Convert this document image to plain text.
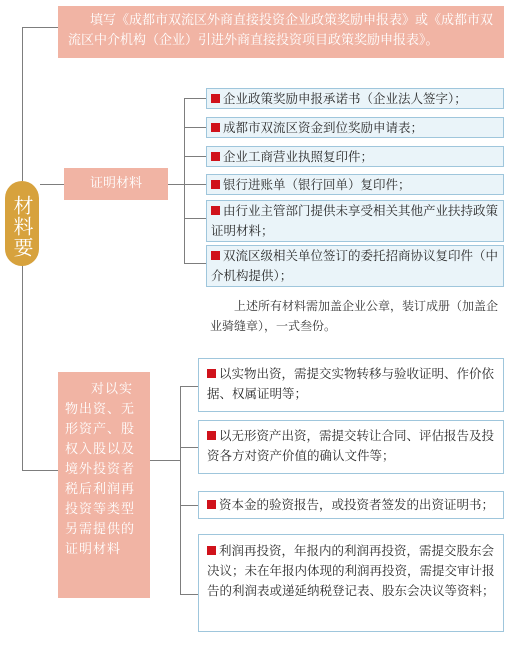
材料要
填写《成都市双流区外商直接投资企业政策奖励申报表》或《成都市双流区中介机构（企业）引进外商直接投资项目政策奖励申报表》。
证明材料
企业政策奖励申报承诺书（企业法人签字）；
成都市双流区资金到位奖励申请表；
企业工商营业执照复印件；
银行进账单（银行回单）复印件；
由行业主管部门提供未享受相关其他产业扶持政策证明材料；
双流区级相关单位签订的委托招商协议复印件（中介机构提供）；
上述所有材料需加盖企业公章，装订成册（加盖企业骑缝章），一式叁份。
对以实物出资、无形资产、股权入股以及境外投资者税后利润再投资等类型另需提供的证明材料
以实物出资，需提交实物转移与验收证明、作价依据、权属证明等；
以无形资产出资，需提交转让合同、评估报告及投资各方对资产价值的确认文件等；
资本金的验资报告，或投资者签发的出资证明书；
利润再投资，年报内的利润再投资，需提交股东会决议；未在年报内体现的利润再投资，需提交审计报告的利润表或递延纳税登记表、股东会决议等资料；
